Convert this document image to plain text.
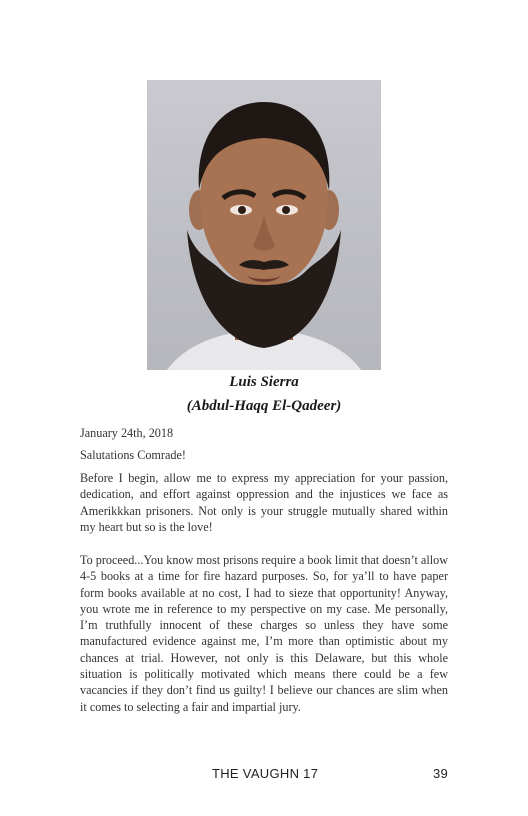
Luis Sierra
(Abdul-Haqq El-Qadeer)

January 24th, 2018

Salutations Comrade!

Before I begin, allow me to express my appreciation for your passion, dedication, and effort against oppression and the injustices we face as Amerikkkan prisoners. Not only is your struggle mutually shared within my heart but so is the love!

To proceed...You know most prisons require a book limit that doesn’t allow 4-5 books at a time for fire hazard purposes. So, for ya’ll to have paper form books available at no cost, I had to sieze that opportunity! Anyway, you wrote me in reference to my perspective on my case. Me personally, I’m truthfully innocent of these charges so unless they have some manufactured evidence against me, I’m more than optimistic about my chances at trial. However, not only is this Delaware, but this whole situation is politically motivated which means there could be a few vacancies if they don’t find us guilty! I believe our chances are slim when it comes to selecting a fair and impartial jury.

THE VAUGHN 17	39
